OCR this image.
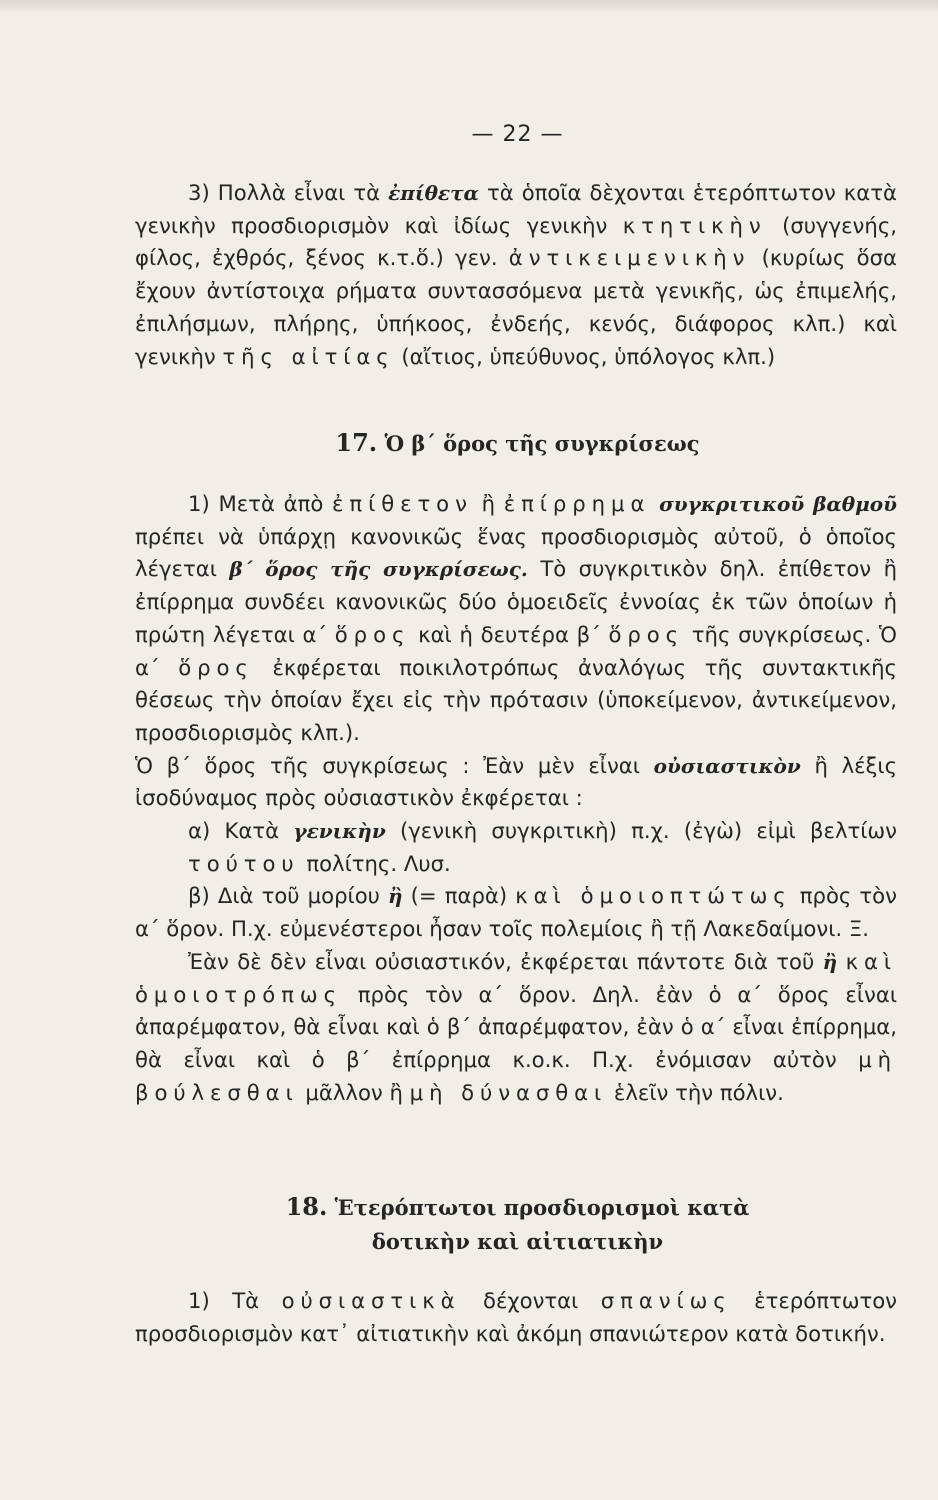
— 22 —

3) Πολλὰ εἶναι τὰ ἐπίθετα τὰ ὁποῖα δὲχονται ἑτερόπτωτον κατὰ γενικὴν προσδιορισμὸν καὶ ἰδίως γενικὴν κτητικὴν (συγγενής, φίλος, ἐχθρός, ξένος κ.τ.ὅ.) γεν. ἀντικειμενικὴν (κυρίως ὅσα ἔχουν ἀντίστοιχα ρήματα συντασσόμενα μετὰ γενικῆς, ὡς ἐπιμελής, ἐπιλήσμων, πλήρης, ὑπήκοος, ἐνδεής, κενός, διάφορος κλπ.) καὶ γενικὴν τῆς αἰτίας (αἴτιος, ὑπεύθυνος, ὑπόλογος κλπ.)

17. Ὁ β΄ ὅρος τῆς συγκρίσεως

1) Μετὰ ἀπὸ ἐπίθετον ἢ ἐπίρρημα συγκριτικοῦ βαθμοῦ πρέπει νὰ ὑπάρχῃ κανονικῶς ἕνας προσδιορισμὸς αὐτοῦ, ὁ ὁποῖος λέγεται β΄ ὅρος τῆς συγκρίσεως. Τὸ συγκριτικὸν δηλ. ἐπίθετον ἢ ἐπίρρημα συνδέει κανονικῶς δύο ὁμοειδεῖς ἐννοίας ἐκ τῶν ὁποίων ἡ πρώτη λέγεται α΄ ὅρος καὶ ἡ δευτέρα β΄ ὅρος τῆς συγκρίσεως. Ὁ α΄ ὅρος ἐκφέρεται ποικιλοτρόπως ἀναλόγως τῆς συντακτικῆς θέσεως τὴν ὁποίαν ἔχει εἰς τὴν πρότασιν (ὑποκείμενον, ἀντικείμενον, προσδιορισμὸς κλπ.).

Ὁ β΄ ὅρος τῆς συγκρίσεως : Ἐὰν μὲν εἶναι οὐσιαστικὸν ἢ λέξις ἰσοδύναμος πρὸς οὐσιαστικὸν ἐκφέρεται :

α) Κατὰ γενικὴν (γενικὴ συγκριτικὴ) π.χ. (ἐγὼ) εἰμὶ βελτίων τούτου πολίτης. Λυσ.

β) Διὰ τοῦ μορίου ἢ (= παρὰ) καὶ ὁμοιοπτώτως πρὸς τὸν α΄ ὅρον. Π.χ. εὐμενέστεροι ἦσαν τοῖς πολεμίοις ἢ τῇ Λακεδαίμονι. Ξ.

Ἐὰν δὲ δὲν εἶναι οὐσιαστικόν, ἐκφέρεται πάντοτε διὰ τοῦ ἢ καὶ ὁμοιοτρόπως πρὸς τὸν α΄ ὅρον. Δηλ. ἐὰν ὁ α΄ ὅρος εἶναι ἀπαρέμφατον, θὰ εἶναι καὶ ὁ β΄ ἀπαρέμφατον, ἐὰν ὁ α΄ εἶναι ἐπίρρημα, θὰ εἶναι καὶ ὁ β΄ ἐπίρρημα κ.ο.κ. Π.χ. ἐνόμισαν αὐτὸν μὴ βούλεσθαι μᾶλλον ἢ μὴ δύνασθαι ἑλεῖν τὴν πόλιν.

18. Ἑτερόπτωτοι προσδιορισμοὶ κατὰ
δοτικὴν καὶ αἰτιατικὴν

1) Τὰ οὐσιαστικὰ δέχονται σπανίως ἑτερόπτωτον προσδιορισμὸν κατ᾽ αἰτιατικὴν καὶ ἀκόμη σπανιώτερον κατὰ δοτικήν.
